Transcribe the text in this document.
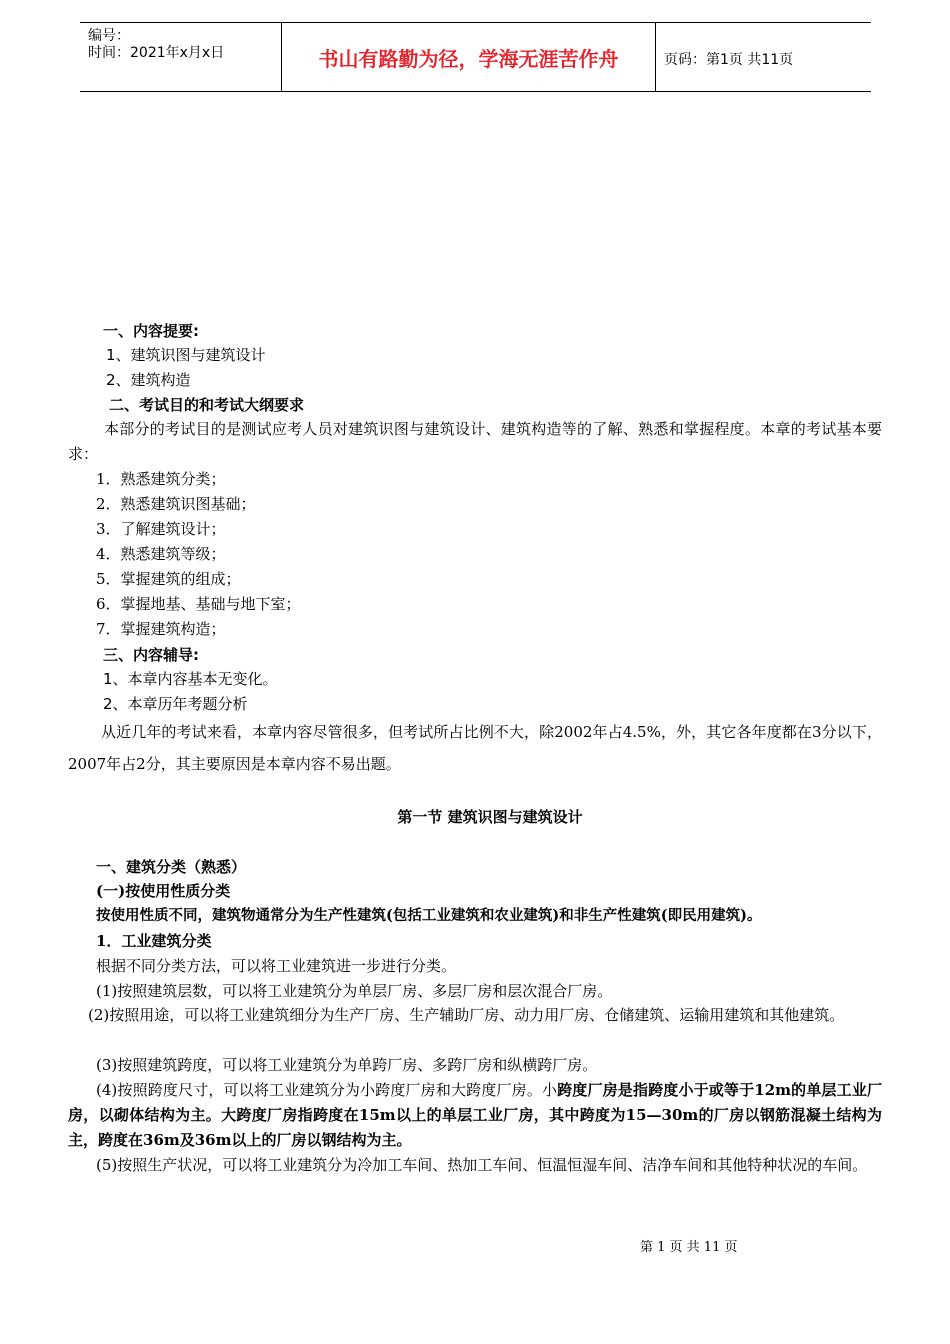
编号：
时间：2021年x月x日	书山有路勤为径，学海无涯苦作舟	页码：第1页 共11页
一、内容提要:
1、建筑识图与建筑设计
2、建筑构造
二、考试目的和考试大纲要求
本部分的考试目的是测试应考人员对建筑识图与建筑设计、建筑构造等的了解、熟悉和掌握程度。本章的考试基本要求：
1．熟悉建筑分类；
2．熟悉建筑识图基础；
3．了解建筑设计；
4．熟悉建筑等级；
5．掌握建筑的组成；
6．掌握地基、基础与地下室；
7．掌握建筑构造；
三、内容辅导:
1、本章内容基本无变化。
2、本章历年考题分析
从近几年的考试来看，本章内容尽管很多，但考试所占比例不大，除2002年占4.5%，外，其它各年度都在3分以下，2007年占2分，其主要原因是本章内容不易出题。
第一节 建筑识图与建筑设计
一、建筑分类（熟悉）
(一)按使用性质分类
按使用性质不同，建筑物通常分为生产性建筑(包括工业建筑和农业建筑)和非生产性建筑(即民用建筑)。
1．工业建筑分类
根据不同分类方法，可以将工业建筑进一步进行分类。
(1)按照建筑层数，可以将工业建筑分为单层厂房、多层厂房和层次混合厂房。
(2)按照用途，可以将工业建筑细分为生产厂房、生产辅助厂房、动力用厂房、仓储建筑、运输用建筑和其他建筑。
(3)按照建筑跨度，可以将工业建筑分为单跨厂房、多跨厂房和纵横跨厂房。
(4)按照跨度尺寸，可以将工业建筑分为小跨度厂房和大跨度厂房。小跨度厂房是指跨度小于或等于12m的单层工业厂房，以砌体结构为主。大跨度厂房指跨度在15m以上的单层工业厂房，其中跨度为15—30m的厂房以钢筋混凝土结构为主，跨度在36m及36m以上的厂房以钢结构为主。
(5)按照生产状况，可以将工业建筑分为冷加工车间、热加工车间、恒温恒湿车间、洁净车间和其他特种状况的车间。
第 1 页 共 11 页
